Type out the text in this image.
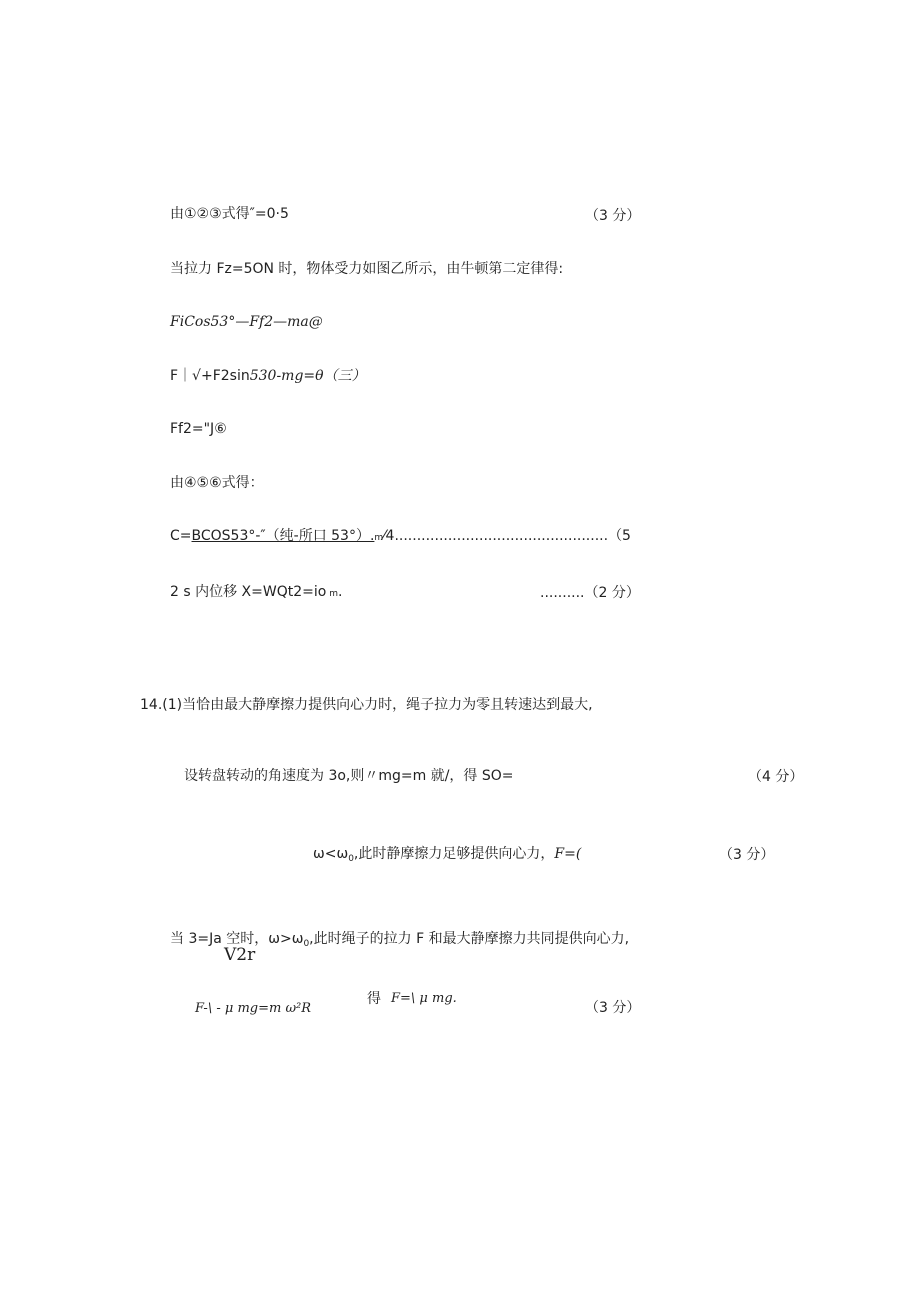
由①②③式得″=0·5	（3 分）
当拉力 Fz=5ON 时，物体受力如图乙所示，由牛顿第二定律得:
FiCos53°—Ff2—ma@
F｜√+F2sin530-mg=θ（三）
Ff2="J⑥
由④⑤⑥式得：
C=BCOS53°-″（纯-所口 53°）.m⁄4................................................（5
2 s 内位移 X=WQt2=io m.	..........（2 分）
14.(1)当恰由最大静摩擦力提供向心力时，绳子拉力为零且转速达到最大,
设转盘转动的角速度为 3o,则〃mg=m 就/，得 SO=	（4 分）
$\omega<\omega_0$,此时静摩擦力足够提供向心力，F=(	（3 分）
当 3=Ja 空时，$\omega>\omega_0$,此时绳子的拉力 F 和最大静摩擦力共同提供向心力,
V2r
F-\ - μ mg=m ω²R
得 F=\ μ mg.
（3 分）
